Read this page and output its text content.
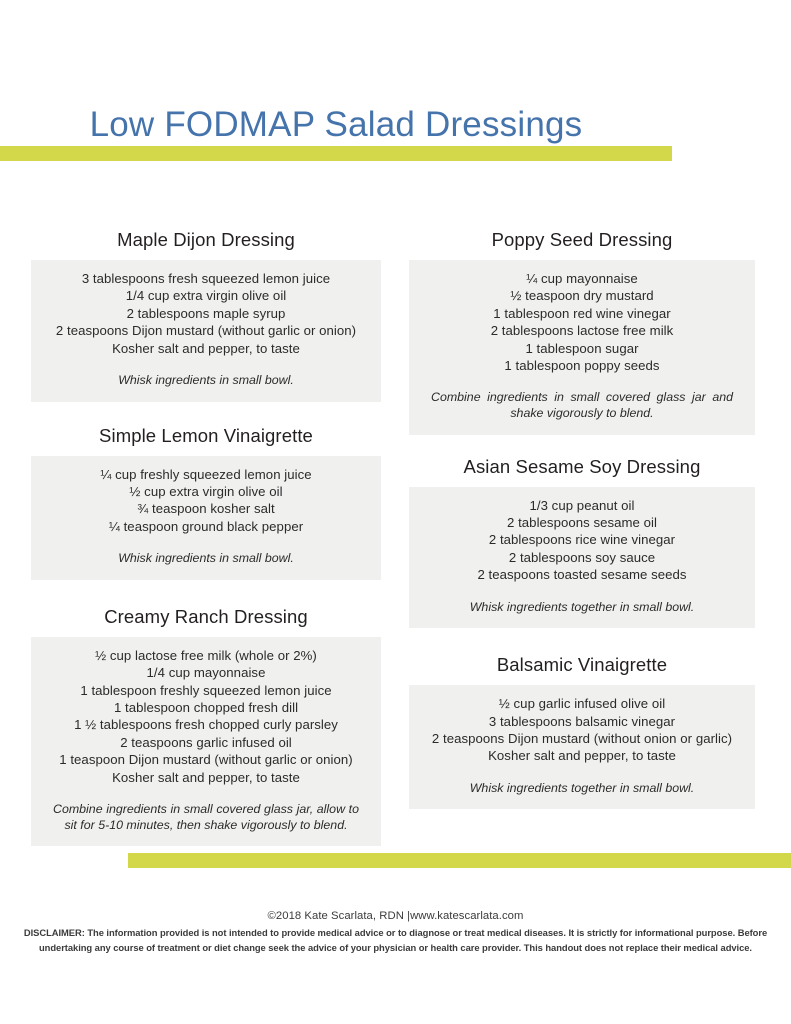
Low FODMAP Salad Dressings
Maple Dijon Dressing
3 tablespoons fresh squeezed lemon juice
1/4 cup extra virgin olive oil
2 tablespoons maple syrup
2 teaspoons Dijon mustard (without garlic or onion)
Kosher salt and pepper, to taste
Whisk ingredients in small bowl.
Simple Lemon Vinaigrette
¼ cup freshly squeezed lemon juice
½ cup extra virgin olive oil
¾ teaspoon kosher salt
¼ teaspoon ground black pepper
Whisk ingredients in small bowl.
Creamy Ranch Dressing
½ cup lactose free milk (whole or 2%)
1/4 cup mayonnaise
1 tablespoon freshly squeezed lemon juice
1 tablespoon chopped fresh dill
1 ½ tablespoons fresh chopped curly parsley
2 teaspoons garlic infused oil
1 teaspoon Dijon mustard (without garlic or onion)
Kosher salt and pepper, to taste
Combine ingredients in small covered glass jar, allow to sit for 5-10 minutes, then shake vigorously to blend.
Poppy Seed Dressing
¼ cup mayonnaise
½ teaspoon dry mustard
1 tablespoon red wine vinegar
2 tablespoons lactose free milk
1 tablespoon sugar
1 tablespoon poppy seeds
Combine ingredients in small covered glass jar and shake vigorously to blend.
Asian Sesame Soy Dressing
1/3 cup peanut oil
2 tablespoons sesame oil
2 tablespoons rice wine vinegar
2 tablespoons soy sauce
2 teaspoons toasted sesame seeds
Whisk ingredients together in small bowl.
Balsamic Vinaigrette
½ cup garlic infused olive oil
3 tablespoons balsamic vinegar
2 teaspoons Dijon mustard (without onion or garlic)
Kosher salt and pepper, to taste
Whisk ingredients together in small bowl.
©2018 Kate Scarlata, RDN |www.katescarlata.com
DISCLAIMER: The information provided is not intended to provide medical advice or to diagnose or treat medical diseases. It is strictly for informational purpose. Before undertaking any course of treatment or diet change seek the advice of your physician or health care provider. This handout does not replace their medical advice.
